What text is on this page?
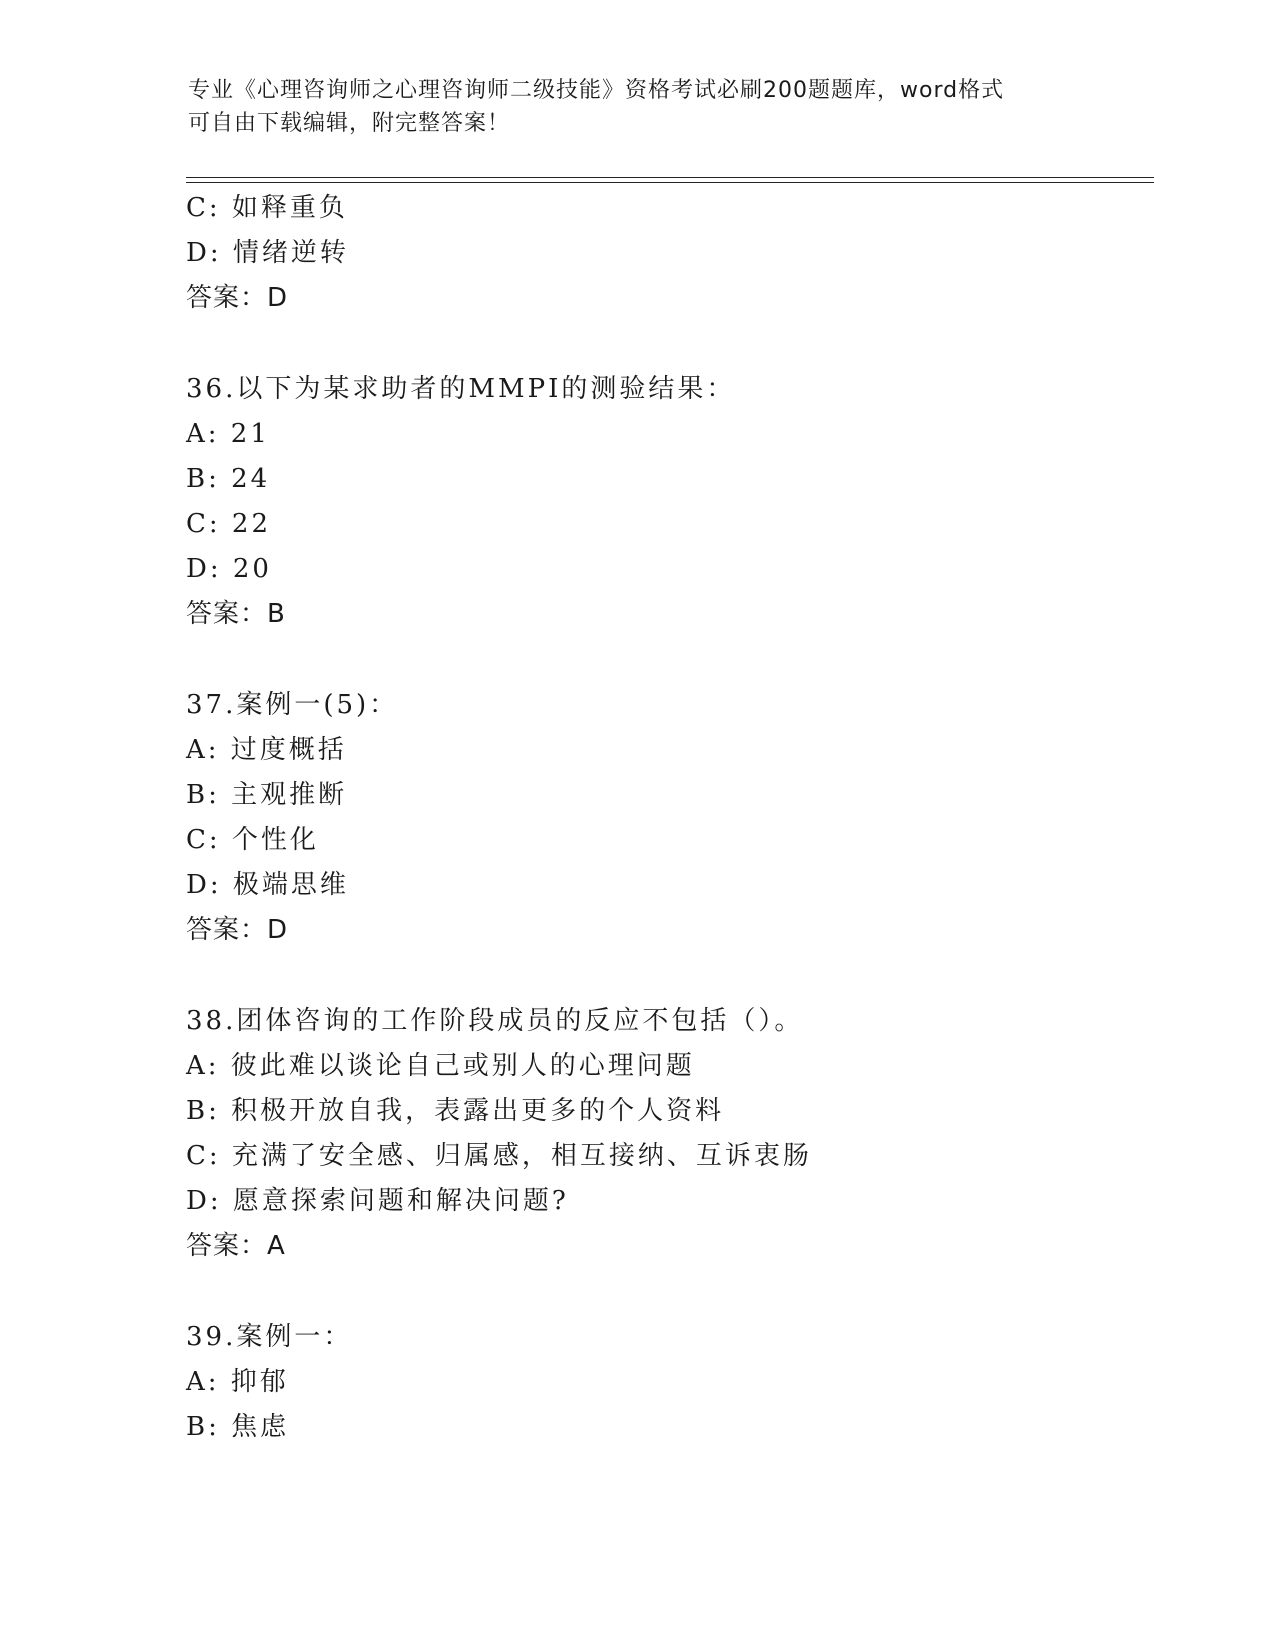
专业《心理咨询师之心理咨询师二级技能》资格考试必刷200题题库，word格式
可自由下载编辑，附完整答案！
C: 如释重负
D: 情绪逆转
答案：D
36.以下为某求助者的MMPI的测验结果：
A: 21
B: 24
C: 22
D: 20
答案：B
37.案例一(5)：
A: 过度概括
B: 主观推断
C: 个性化
D: 极端思维
答案：D
38.团体咨询的工作阶段成员的反应不包括（）。
A: 彼此难以谈论自己或别人的心理问题
B: 积极开放自我，表露出更多的个人资料
C: 充满了安全感、归属感，相互接纳、互诉衷肠
D: 愿意探索问题和解决问题?
答案：A
39.案例一：
A: 抑郁
B: 焦虑
